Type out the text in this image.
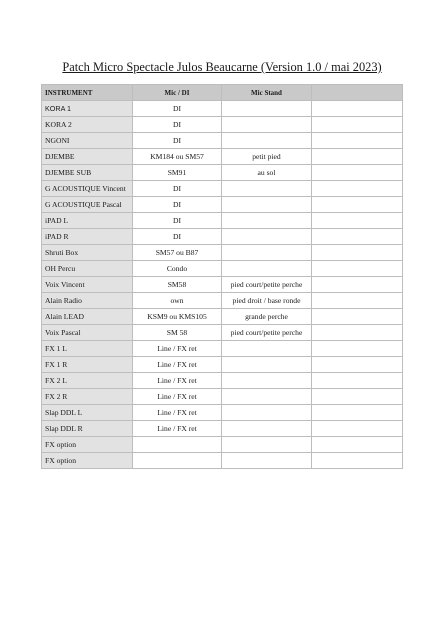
Patch Micro Spectacle Julos Beaucarne (Version 1.0 / mai 2023)
INSTRUMENT	Mic / DI	Mic Stand	
KORA 1	DI		
KORA 2	DI		
NGONI	DI		
DJEMBE	KM184 ou SM57	petit pied	
DJEMBE SUB	SM91	au sol	
G ACOUSTIQUE Vincent	DI		
G ACOUSTIQUE Pascal	DI		
iPAD L	DI		
iPAD R	DI		
Shruti Box	SM57 ou B87		
OH Percu	Condo		
Voix Vincent	SM58	pied court/petite perche	
Alain Radio	own	pied droit / base ronde	
Alain LEAD	KSM9 ou KMS105	grande perche	
Voix Pascal	SM 58	pied court/petite perche	
FX 1 L	Line / FX ret		
FX 1 R	Line / FX ret		
FX 2 L	Line / FX ret		
FX 2 R	Line / FX ret		
Slap DDL L	Line / FX ret		
Slap DDL R	Line / FX ret		
FX option			
FX option			
